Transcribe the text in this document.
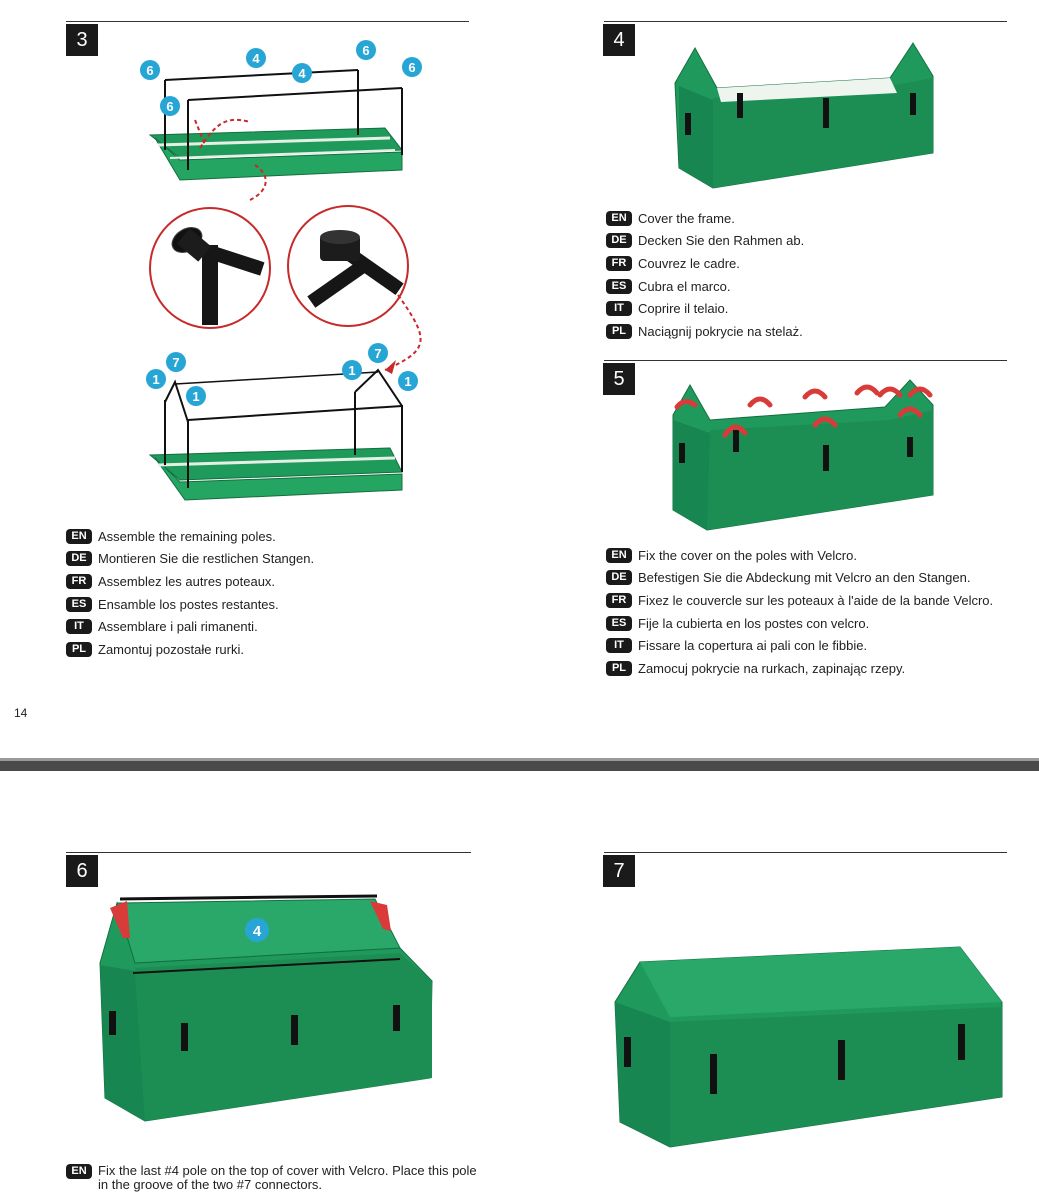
3
6
4
6
6
4
6
7
1
1
7
1
1
EN Assemble the remaining poles.
DE Montieren Sie die restlichen Stangen.
FR Assemblez les autres poteaux.
ES Ensamble los postes restantes.
IT	Assemblare i pali rimanenti.
PL Zamontuj pozostałe rurki.
14
4
EN Cover the frame.
DE Decken Sie den Rahmen ab.
FR Couvrez le cadre.
ES Cubra el marco.
IT	Coprire il telaio.
PL Naciągnij pokrycie na stelaż.
5
EN Fix the cover on the poles with Velcro.
DE Befestigen Sie die Abdeckung mit Velcro an den Stangen.
FR Fixez le couvercle sur les poteaux à l'aide de la bande Velcro.
ES Fije la cubierta en los postes con velcro.
IT	Fissare la copertura ai pali con le fibbie.
PL Zamocuj pokrycie na rurkach, zapinając rzepy.
6
4
EN Fix the last #4 pole on the top of cover with Velcro. Place this pole in the groove of the two #7 connectors.
7
